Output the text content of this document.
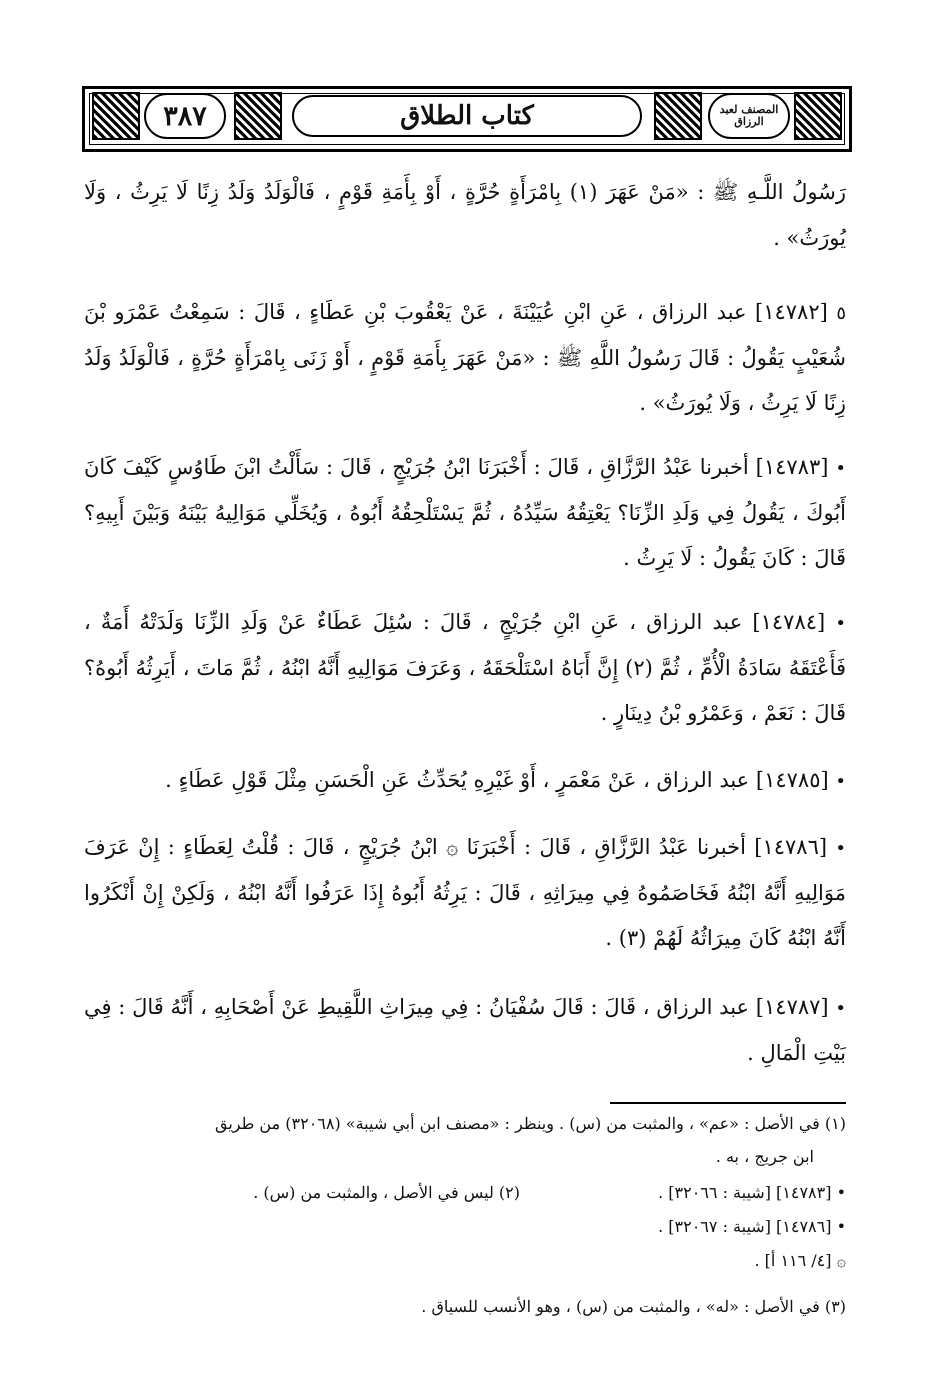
٣٨٧	كتاب الطلاق	المصنف لعبد الرزاق
رَسُولُ اللَّـهِ ﷺ : «مَنْ عَهَرَ (١) بِامْرَأَةٍ حُرَّةٍ ، أَوْ بِأَمَةِ قَوْمٍ ، فَالْوَلَدُ وَلَدُ زِنًا لَا يَرِثُ ، وَلَا يُورَثُ» .
٥ [١٤٧٨٢] عبد الرزاق ، عَنِ ابْنِ عُيَيْنَةَ ، عَنْ يَعْقُوبَ بْنِ عَطَاءٍ ، قَالَ : سَمِعْتُ عَمْرَو بْنَ شُعَيْبٍ يَقُولُ : قَالَ رَسُولُ اللَّهِ ﷺ : «مَنْ عَهَرَ بِأَمَةِ قَوْمٍ ، أَوْ زَنَى بِامْرَأَةٍ حُرَّةٍ ، فَالْوَلَدُ وَلَدُ زِنًا لَا يَرِثُ ، وَلَا يُورَثُ» .
• [١٤٧٨٣] أخبرنا عَبْدُ الرَّزَّاقِ ، قَالَ : أَخْبَرَنَا ابْنُ جُرَيْجٍ ، قَالَ : سَأَلْتُ ابْنَ طَاوُسٍ كَيْفَ كَانَ أَبُوكَ ، يَقُولُ فِي وَلَدِ الزِّنَا؟ يَعْتِقُهُ سَيِّدُهُ ، ثُمَّ يَسْتَلْحِقُهُ أَبُوهُ ، وَيُخَلِّي مَوَالِيهُ بَيْنَهُ وَبَيْنَ أَبِيهِ؟ قَالَ : كَانَ يَقُولُ : لَا يَرِثُ .
• [١٤٧٨٤] عبد الرزاق ، عَنِ ابْنِ جُرَيْجٍ ، قَالَ : سُئِلَ عَطَاءٌ عَنْ وَلَدِ الزِّنَا وَلَدَتْهُ أَمَةٌ ، فَأَعْتَقَهُ سَادَةُ الْأُمِّ ، ثُمَّ (٢) إِنَّ أَبَاهُ اسْتَلْحَقَهُ ، وَعَرَفَ مَوَالِيهِ أَنَّهُ ابْنُهُ ، ثُمَّ مَاتَ ، أَيَرِثُهُ أَبُوهُ؟ قَالَ : نَعَمْ ، وَعَمْرُو بْنُ دِينَارٍ .
• [١٤٧٨٥] عبد الرزاق ، عَنْ مَعْمَرٍ ، أَوْ غَيْرِهِ يُحَدِّثُ عَنِ الْحَسَنِ مِثْلَ قَوْلِ عَطَاءٍ .
• [١٤٧٨٦] أخبرنا عَبْدُ الرَّزَّاقِ ، قَالَ : أَخْبَرَنَا ۞ ابْنُ جُرَيْجٍ ، قَالَ : قُلْتُ لِعَطَاءٍ : إِنْ عَرَفَ مَوَالِيهِ أَنَّهُ ابْنُهُ فَخَاصَمُوهُ فِي مِيرَاثِهِ ، قَالَ : يَرِثُهُ أَبُوهُ إِذَا عَرَفُوا أَنَّهُ ابْنُهُ ، وَلَكِنْ إِنْ أَنْكَرُوا أَنَّهُ ابْنُهُ كَانَ مِيرَاثُهُ لَهُمْ (٣) .
• [١٤٧٨٧] عبد الرزاق ، قَالَ : قَالَ سُفْيَانُ : فِي مِيرَاثِ اللَّقِيطِ عَنْ أَصْحَابِهِ ، أَنَّهُ قَالَ : فِي بَيْتِ الْمَالِ .
(١) في الأصل : «عم» ، والمثبت من (س) . وينظر : «مصنف ابن أبي شيبة» (٣٢٠٦٨) من طريق
ابن جريج ، به .
• [١٤٧٨٣] [شيبة : ٣٢٠٦٦] .
(٢) ليس في الأصل ، والمثبت من (س) .
• [١٤٧٨٦] [شيبة : ٣٢٠٦٧] .
۞ [٤/ ١١٦ أ] .
(٣) في الأصل : «له» ، والمثبت من (س) ، وهو الأنسب للسياق .
